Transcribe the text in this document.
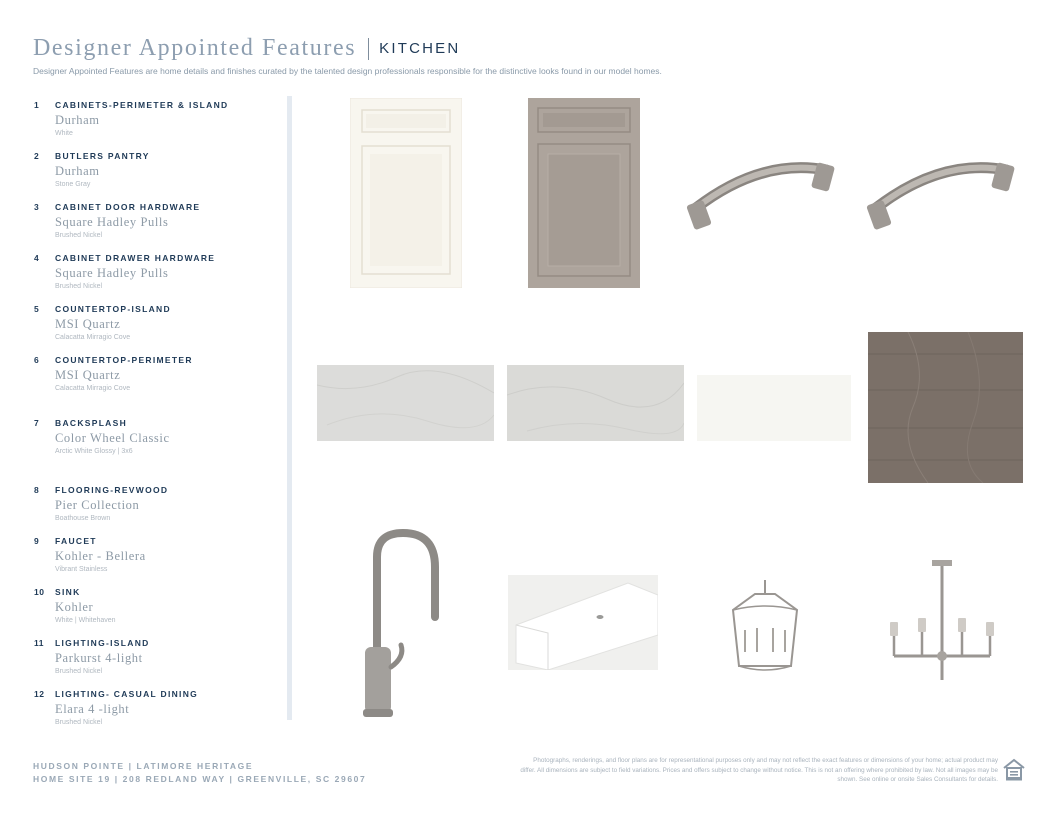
Designer Appointed Features KITCHEN
Designer Appointed Features are home details and finishes curated by the talented design professionals responsible for the distinctive looks found in our model homes.
1 CABINETS-PERIMETER & ISLAND
Durham
White
2 BUTLERS PANTRY
Durham
Stone Gray
3 CABINET DOOR HARDWARE
Square Hadley Pulls
Brushed Nickel
4 CABINET DRAWER HARDWARE
Square Hadley Pulls
Brushed Nickel
5 COUNTERTOP-ISLAND
MSI Quartz
Calacatta Mirragio Cove
6 COUNTERTOP-PERIMETER
MSI Quartz
Calacatta Mirragio Cove
7 BACKSPLASH
Color Wheel Classic
Arctic White Glossy | 3x6
8 FLOORING-REVWOOD
Pier Collection
Boathouse Brown
9 FAUCET
Kohler - Bellera
Vibrant Stainless
10 SINK
Kohler
White | Whitehaven
11 LIGHTING-ISLAND
Parkurst 4-light
Brushed Nickel
12 LIGHTING- CASUAL DINING
Elara 4 -light
Brushed Nickel
HUDSON POINTE | LATIMORE HERITAGE
HOME SITE 19 | 208 REDLAND WAY | GREENVILLE, SC 29607
Photographs, renderings, and floor plans are for representational purposes only and may not reflect the exact features or dimensions of your home; actual product may differ. All dimensions are subject to field variations. Prices and offers subject to change without notice. This is not an offering where prohibited by law. Not all images may be shown. See online or onsite Sales Consultants for details.
